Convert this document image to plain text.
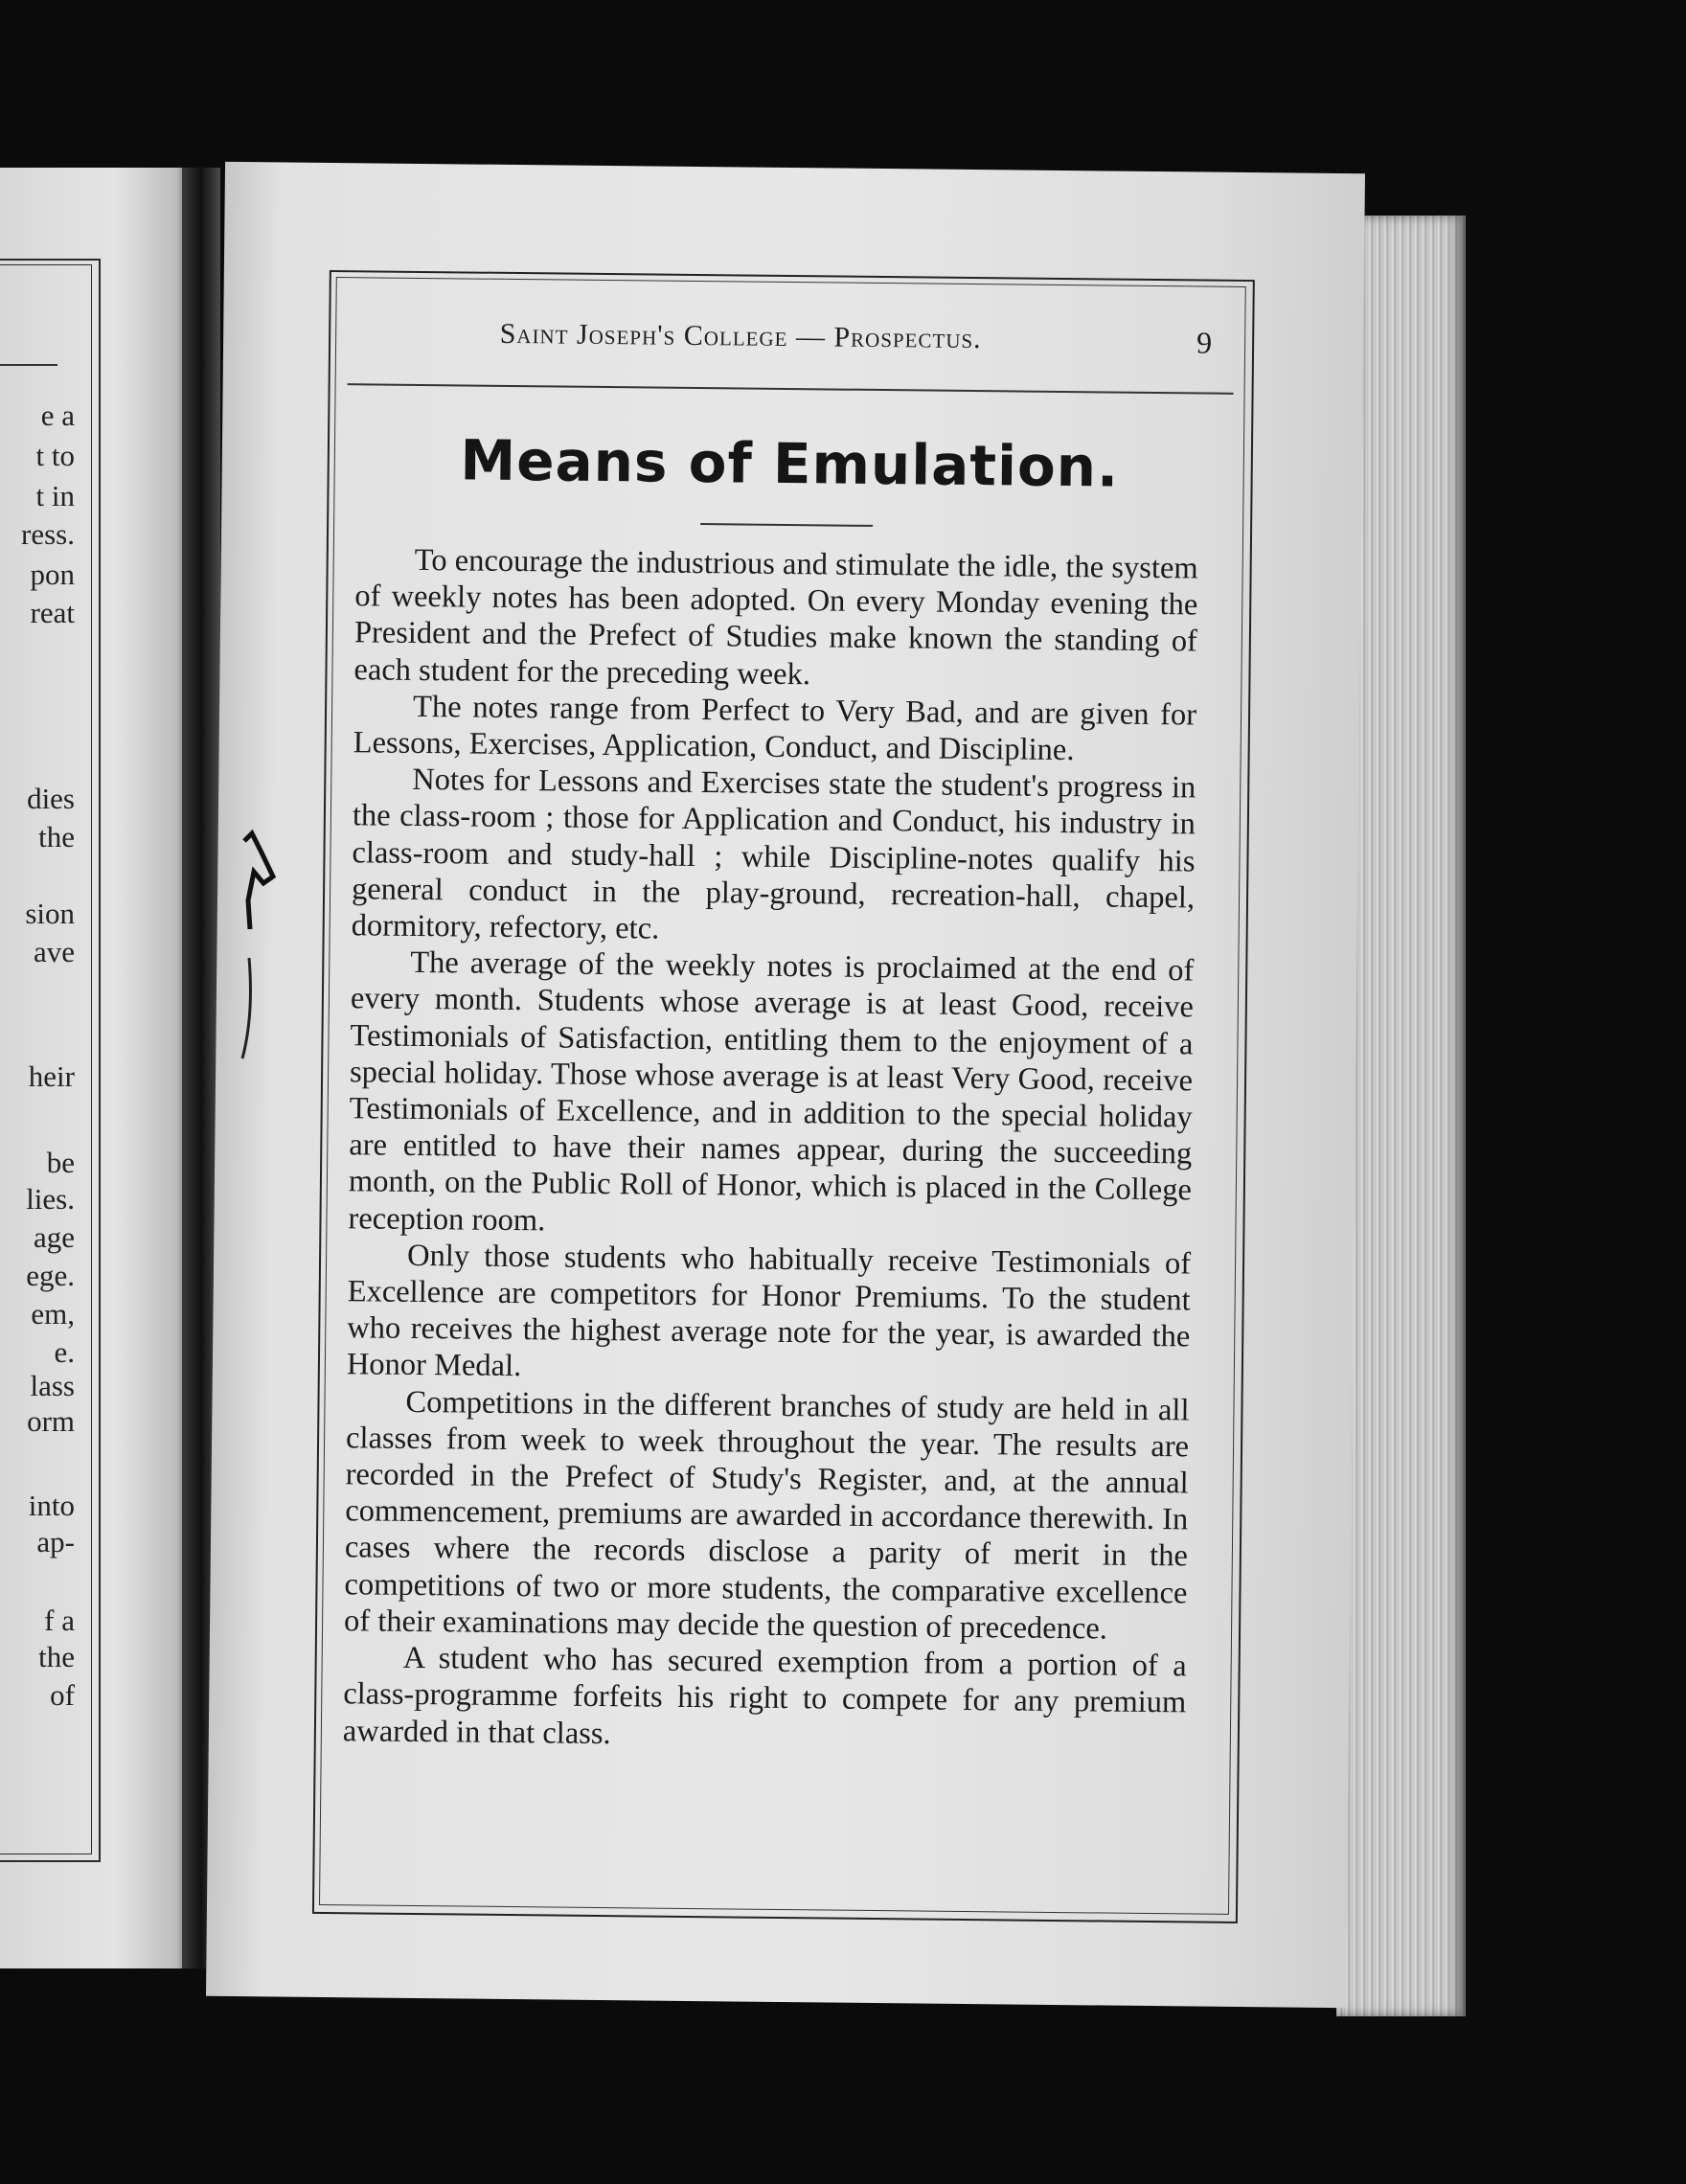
e a
t to
t in
ress.
pon
reat
dies
the
sion
ave
heir
be
lies.
age
ege.
em,
e.
lass
orm
into
ap-
f a
the
of
Saint Joseph's College — Prospectus.	9
Means of Emulation.

To encourage the industrious and stimulate the idle, the system of weekly notes has been adopted. On every Monday evening the President and the Prefect of Studies make known the standing of each student for the preceding week.

The notes range from Perfect to Very Bad, and are given for Lessons, Exercises, Application, Conduct, and Discipline.

Notes for Lessons and Exercises state the student's progress in the class-room ; those for Application and Conduct, his industry in class-room and study-hall ; while Discipline-notes qualify his general conduct in the play-ground, recreation-hall, chapel, dormitory, refectory, etc.

The average of the weekly notes is proclaimed at the end of every month. Students whose average is at least Good, receive Testimonials of Satisfaction, entitling them to the enjoyment of a special holiday. Those whose average is at least Very Good, receive Testimonials of Excellence, and in addition to the special holiday are entitled to have their names appear, during the succeeding month, on the Public Roll of Honor, which is placed in the College reception room.

Only those students who habitually receive Testimonials of Excellence are competitors for Honor Premiums. To the student who receives the highest average note for the year, is awarded the Honor Medal.

Competitions in the different branches of study are held in all classes from week to week throughout the year. The results are recorded in the Prefect of Study's Register, and, at the annual commencement, premiums are awarded in accordance therewith. In cases where the records disclose a parity of merit in the competitions of two or more students, the comparative excellence of their examinations may decide the question of precedence.

A student who has secured exemption from a portion of a class-programme forfeits his right to compete for any premium awarded in that class.
